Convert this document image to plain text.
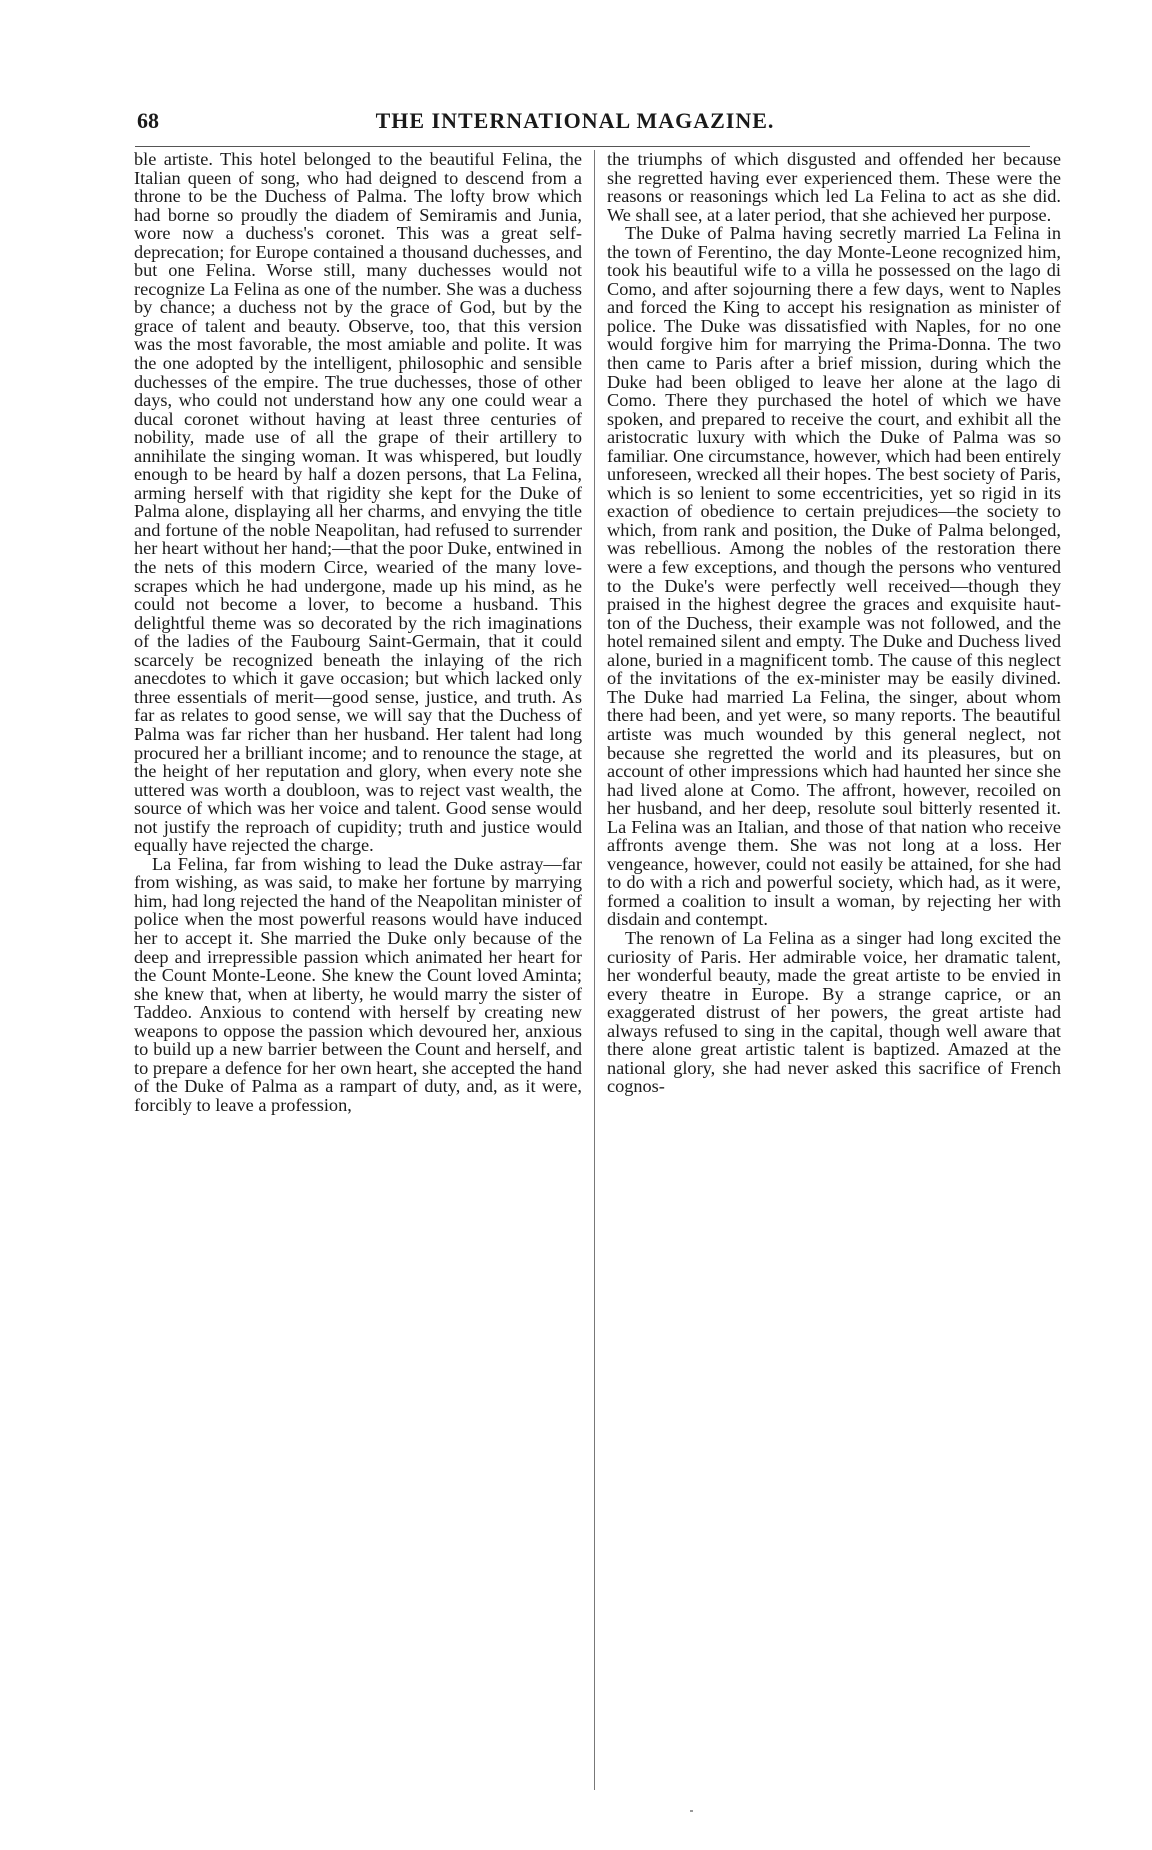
68	THE INTERNATIONAL MAGAZINE.

ble artiste. This hotel belonged to the beautiful Felina, the Italian queen of song, who had deigned to descend from a throne to be the Duchess of Palma. The lofty brow which had borne so proudly the diadem of Semiramis and Junia, wore now a duchess's coronet. This was a great self-deprecation; for Europe contained a thousand duchesses, and but one Felina. Worse still, many duchesses would not recognize La Felina as one of the number. She was a duchess by chance; a duchess not by the grace of God, but by the grace of talent and beauty. Observe, too, that this version was the most favorable, the most amiable and polite. It was the one adopted by the intelligent, philosophic and sensible duchesses of the empire. The true duchesses, those of other days, who could not understand how any one could wear a ducal coronet without having at least three centuries of nobility, made use of all the grape of their artillery to annihilate the singing woman. It was whispered, but loudly enough to be heard by half a dozen persons, that La Felina, arming herself with that rigidity she kept for the Duke of Palma alone, displaying all her charms, and envying the title and fortune of the noble Neapolitan, had refused to surrender her heart without her hand;—that the poor Duke, entwined in the nets of this modern Circe, wearied of the many love-scrapes which he had undergone, made up his mind, as he could not become a lover, to become a husband. This delightful theme was so decorated by the rich imaginations of the ladies of the Faubourg Saint-Germain, that it could scarcely be recognized beneath the inlaying of the rich anecdotes to which it gave occasion; but which lacked only three essentials of merit—good sense, justice, and truth. As far as relates to good sense, we will say that the Duchess of Palma was far richer than her husband. Her talent had long procured her a brilliant income; and to renounce the stage, at the height of her reputation and glory, when every note she uttered was worth a doubloon, was to reject vast wealth, the source of which was her voice and talent. Good sense would not justify the reproach of cupidity; truth and justice would equally have rejected the charge.

La Felina, far from wishing to lead the Duke astray—far from wishing, as was said, to make her fortune by marrying him, had long rejected the hand of the Neapolitan minister of police when the most powerful reasons would have induced her to accept it. She married the Duke only because of the deep and irrepressible passion which animated her heart for the Count Monte-Leone. She knew the Count loved Aminta; she knew that, when at liberty, he would marry the sister of Taddeo. Anxious to contend with herself by creating new weapons to oppose the passion which devoured her, anxious to build up a new barrier between the Count and herself, and to prepare a defence for her own heart, she accepted the hand of the Duke of Palma as a rampart of duty, and, as it were, forcibly to leave a profession,

the triumphs of which disgusted and offended her because she regretted having ever experienced them. These were the reasons or reasonings which led La Felina to act as she did. We shall see, at a later period, that she achieved her purpose.

The Duke of Palma having secretly married La Felina in the town of Ferentino, the day Monte-Leone recognized him, took his beautiful wife to a villa he possessed on the lago di Como, and after sojourning there a few days, went to Naples and forced the King to accept his resignation as minister of police. The Duke was dissatisfied with Naples, for no one would forgive him for marrying the Prima-Donna. The two then came to Paris after a brief mission, during which the Duke had been obliged to leave her alone at the lago di Como. There they purchased the hotel of which we have spoken, and prepared to receive the court, and exhibit all the aristocratic luxury with which the Duke of Palma was so familiar. One circumstance, however, which had been entirely unforeseen, wrecked all their hopes. The best society of Paris, which is so lenient to some eccentricities, yet so rigid in its exaction of obedience to certain prejudices—the society to which, from rank and position, the Duke of Palma belonged, was rebellious. Among the nobles of the restoration there were a few exceptions, and though the persons who ventured to the Duke's were perfectly well received—though they praised in the highest degree the graces and exquisite haut-ton of the Duchess, their example was not followed, and the hotel remained silent and empty. The Duke and Duchess lived alone, buried in a magnificent tomb. The cause of this neglect of the invitations of the ex-minister may be easily divined. The Duke had married La Felina, the singer, about whom there had been, and yet were, so many reports. The beautiful artiste was much wounded by this general neglect, not because she regretted the world and its pleasures, but on account of other impressions which had haunted her since she had lived alone at Como. The affront, however, recoiled on her husband, and her deep, resolute soul bitterly resented it. La Felina was an Italian, and those of that nation who receive affronts avenge them. She was not long at a loss. Her vengeance, however, could not easily be attained, for she had to do with a rich and powerful society, which had, as it were, formed a coalition to insult a woman, by rejecting her with disdain and contempt.

The renown of La Felina as a singer had long excited the curiosity of Paris. Her admirable voice, her dramatic talent, her wonderful beauty, made the great artiste to be envied in every theatre in Europe. By a strange caprice, or an exaggerated distrust of her powers, the great artiste had always refused to sing in the capital, though well aware that there alone great artistic talent is baptized. Amazed at the national glory, she had never asked this sacrifice of French cognos-
